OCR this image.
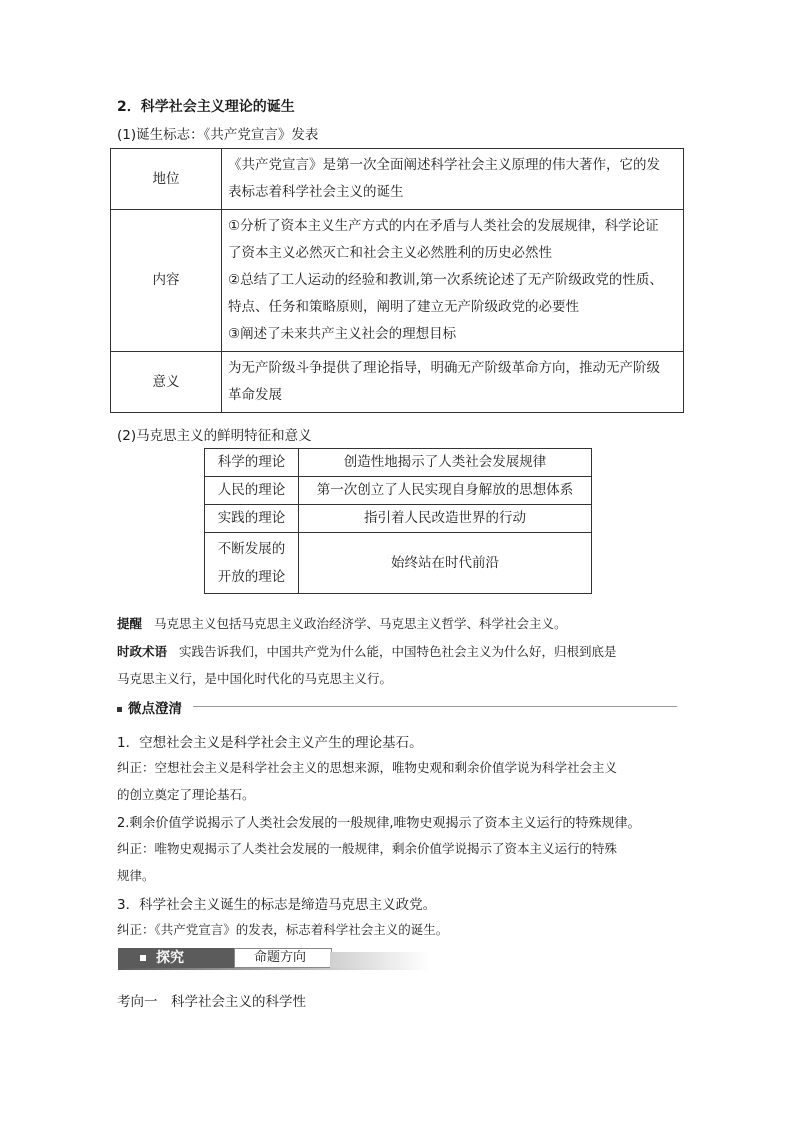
2．科学社会主义理论的诞生
(1)诞生标志：《共产党宣言》发表
地位	《共产党宣言》是第一次全面阐述科学社会主义原理的伟大著作，它的发
表标志着科学社会主义的诞生

内容	①分析了资本主义生产方式的内在矛盾与人类社会的发展规律，科学论证
了资本主义必然灭亡和社会主义必然胜利的历史必然性
②总结了工人运动的经验和教训,第一次系统论述了无产阶级政党的性质、
特点、任务和策略原则，阐明了建立无产阶级政党的必要性
③阐述了未来共产主义社会的理想目标

意义	为无产阶级斗争提供了理论指导，明确无产阶级革命方向，推动无产阶级
革命发展
(2)马克思主义的鲜明特征和意义
科学的理论	创造性地揭示了人类社会发展规律
人民的理论	第一次创立了人民实现自身解放的思想体系
实践的理论	指引着人民改造世界的行动

不断发展的
开放的理论	始终站在时代前沿
提醒 马克思主义包括马克思主义政治经济学、马克思主义哲学、科学社会主义。
时政术语 实践告诉我们，中国共产党为什么能，中国特色社会主义为什么好，归根到底是
马克思主义行，是中国化时代化的马克思主义行。
微点澄清
1．空想社会主义是科学社会主义产生的理论基石。
纠正：空想社会主义是科学社会主义的思想来源，唯物史观和剩余价值学说为科学社会主义
的创立奠定了理论基石。
2.剩余价值学说揭示了人类社会发展的一般规律,唯物史观揭示了资本主义运行的特殊规律。
纠正：唯物史观揭示了人类社会发展的一般规律，剩余价值学说揭示了资本主义运行的特殊
规律。
3．科学社会主义诞生的标志是缔造马克思主义政党。
纠正：《共产党宣言》的发表，标志着科学社会主义的诞生。
探究	命题方向
考向一　科学社会主义的科学性
